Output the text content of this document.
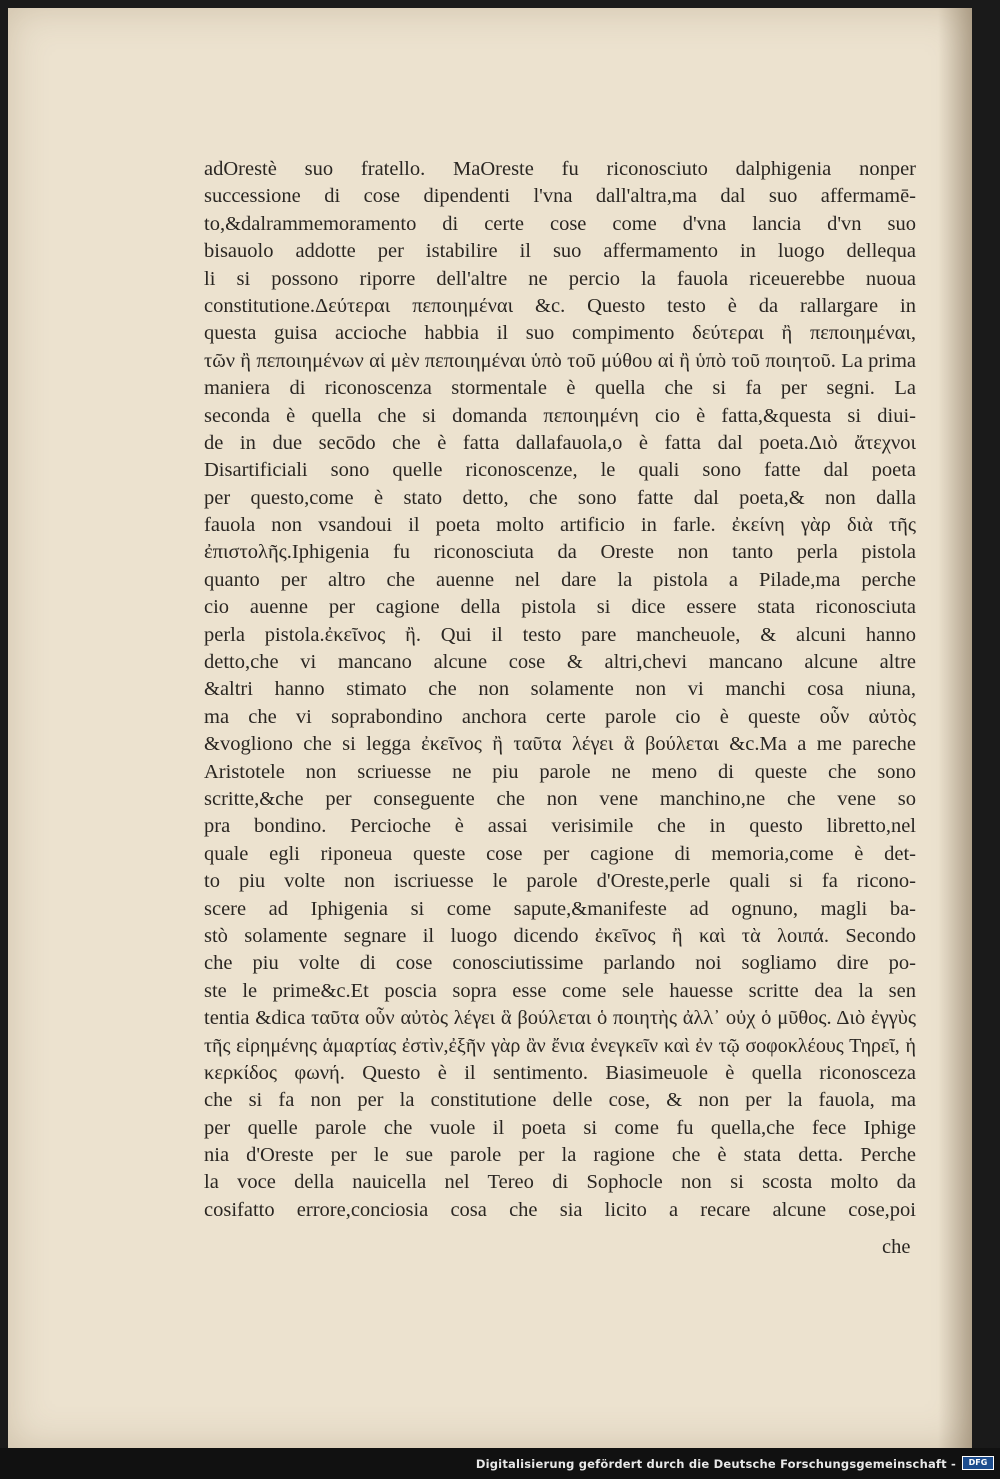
adOrestè suo fratello. MaOreste fu riconosciuto dalphigenia nonper
successione di cose dipendenti l'vna dall'altra,ma dal suo affermamē-
to,&dalrammemoramento di certe cose come d'vna lancia d'vn suo
bisauolo addotte per istabilire il suo affermamento in luogo dellequa
li si possono riporre dell'altre ne percio la fauola riceuerebbe nuoua
constitutione.Δεύτεραι πεποιημέναι &c. Questo testo è da rallargare in
questa guisa accioche habbia il suo compimento δεύτεραι ἢ πεποιημέναι,
τῶν ἢ πεποιημένων αἱ μὲν πεποιημέναι ὑπὸ τοῦ μύθου αἱ ἢ ὑπὸ τοῦ ποιητοῦ. La prima
maniera di riconoscenza stormentale è quella che si fa per segni. La
seconda è quella che si domanda πεποιημένη cio è fatta,&questa si diui-
de in due secōdo che è fatta dallafauola,o è fatta dal poeta.Διὸ ἄτεχνοι
Disartificiali sono quelle riconoscenze, le quali sono fatte dal poeta
per questo,come è stato detto, che sono fatte dal poeta,& non dalla
fauola non vsandoui il poeta molto artificio in farle. ἐκείνη γὰρ διὰ τῆς
ἐπιστολῆς.Iphigenia fu riconosciuta da Oreste non tanto perla pistola
quanto per altro che auenne nel dare la pistola a Pilade,ma perche
cio auenne per cagione della pistola si dice essere stata riconosciuta
perla pistola.ἐκεῖνος ἢ. Qui il testo pare mancheuole, & alcuni hanno
detto,che vi mancano alcune cose & altri,chevi mancano alcune altre
&altri hanno stimato che non solamente non vi manchi cosa niuna,
ma che vi soprabondino anchora certe parole cio è queste οὗν αὐτὸς
&vogliono che si legga ἐκεῖνος ἢ ταῦτα λέγει ἃ βούλεται &c.Ma a me pareche
Aristotele non scriuesse ne piu parole ne meno di queste che sono
scritte,&che per conseguente che non vene manchino,ne che vene so
pra bondino. Percioche è assai verisimile che in questo libretto,nel
quale egli riponeua queste cose per cagione di memoria,come è det-
to piu volte non iscriuesse le parole d'Oreste,perle quali si fa ricono-
scere ad Iphigenia si come sapute,&manifeste ad ognuno, magli ba-
stò solamente segnare il luogo dicendo ἐκεῖνος ἢ καὶ τὰ λοιπά. Secondo
che piu volte di cose conosciutissime parlando noi sogliamo dire po-
ste le prime&c.Et poscia sopra esse come sele hauesse scritte dea la sen
tentia &dica ταῦτα οὗν αὐτὸς λέγει ἃ βούλεται ὁ ποιητὴς ἀλλ᾽ οὐχ ὁ μῦθος. Διὸ ἐγγὺς
τῆς εἰρημένης ἁμαρτίας ἐστὶν,ἐξῆν γὰρ ἂν ἔνια ἐνεγκεῖν καὶ ἐν τῷ σοφοκλέους Τηρεῖ, ἡ
κερκίδος φωνή. Questo è il sentimento. Biasimeuole è quella riconosceza
che si fa non per la constitutione delle cose, & non per la fauola, ma
per quelle parole che vuole il poeta si come fu quella,che fece Iphige
nia d'Oreste per le sue parole per la ragione che è stata detta. Perche
la voce della nauicella nel Tereo di Sophocle non si scosta molto da
cosifatto errore,conciosia cosa che sia licito a recare alcune cose,poi
che
Digitalisierung gefördert durch die Deutsche Forschungsgemeinschaft -	DFG
